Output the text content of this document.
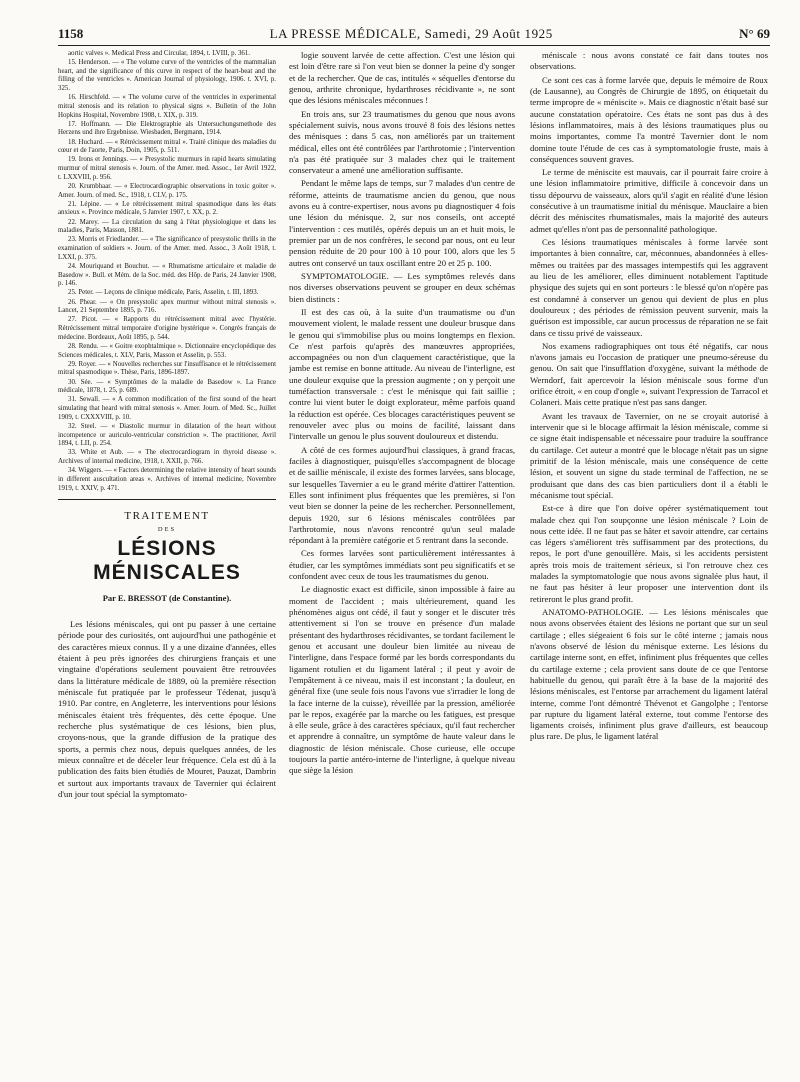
1158	LA PRESSE MÉDICALE, Samedi, 29 Août 1925	N° 69
aortic valves ». Medical Press and Circular, 1894, t. LVIII, p. 361.
15. Henderson. — « The volume curve of the ventricles of the mammalian heart, and the significance of this curve in respect of the heart-beat and the filling of the ventricles ». American Journal of physiology, 1906. t. XVI, p. 325.
16. Hirschfeld. — « The volume curve of the ventricles in experimental mitral stenosis and its relation to physical signs ». Bulletin of the John Hopkins Hospital, Novembre 1908, t. XIX, p. 319.
17. Hoffmann. — Die Elektrographie als Untersuchungsmethode des Herzens und ihre Ergebnisse. Wiesbaden, Bergmann, 1914.
18. Huchard. — « Rétrécissement mitral ». Traité clinique des maladies du cœur et de l'aorte, Paris, Doin, 1905, p. 511.
19. Irons et Jennings. — « Presystolic murmurs in rapid hearts simulating murmur of mitral stenosis ». Journ. of the Amer. med. Assoc., 1er Avril 1922, t. LXXVIII, p. 956.
20. Krumbhaar. — « Electrocardiographic observations in toxic goiter ». Amer. Journ. of med. Sc., 1918, t. CLV, p. 175.
21. Lépine. — « Le rétrécissement mitral spasmodique dans les états anxieux ». Province médicale, 5 Janvier 1907, t. XX, p. 2.
22. Marey. — La circulation du sang à l'état physiologique et dans les maladies, Paris, Masson, 1881.
23. Morris et Friedlander. — « The significance of presystolic thrills in the examination of soldiers ». Journ. of the Amer. med. Assoc., 3 Août 1918, t. LXXI, p. 375.
24. Mouriquand et Bouchut. — « Rhumatisme articulaire et maladie de Basedow ». Bull. et Mém. de la Soc. méd. des Hôp. de Paris, 24 Janvier 1908, p. 146.
25. Peter. — Leçons de clinique médicale, Paris, Asselin, t. III, 1893.
26. Phear. — « On presystolic apex murmur without mitral stenosis ». Lancet, 21 Septembre 1895, p. 716.
27. Picot. — « Rapports du rétrécissement mitral avec l'hystérie. Rétrécissement mitral temporaire d'origine hystérique ». Congrès français de médecine. Bordeaux, Août 1895, p. 544.
28. Rendu. — « Goitre exophtalmique ». Dictionnaire encyclopédique des Sciences médicales, t. XLV, Paris, Masson et Asselin, p. 553.
29. Royer. — « Nouvelles recherches sur l'insuffisance et le rétrécissement mitral spasmodique ». Thèse, Paris, 1896-1897.
30. Sée. — « Symptômes de la maladie de Basedow ». La France médicale, 1878, t. 25, p. 689.
31. Sewall. — « A common modification of the first sound of the heart simulating that heard with mitral stenosis ». Amer. Journ. of Med. Sc., Juillet 1909, t. CXXXVIII, p. 10.
32. Steel. — « Diastolic murmur in dilatation of the heart without incompetence or auriculo-ventricular constriction ». The practitioner, Avril 1894, t. LII, p. 254.
33. White et Aub. — « The electrocardiogram in thyroid disease ». Archives of internal medicine, 1918, t. XXII, p. 766.
34. Wiggers. — « Factors determining the relative intensity of heart sounds in different auscultation areas ». Archives of internal medicine, Novembre 1919, t. XXIV, p. 471.
TRAITEMENT
DES
LÉSIONS MÉNISCALES
Par E. BRESSOT (de Constantine).

Les lésions méniscales, qui ont pu passer à une certaine période pour des curiosités, ont aujourd'hui une pathogénie et des caractères mieux connus. Il y a une dizaine d'années, elles étaient à peu près ignorées des chirurgiens français et une vingtaine d'opérations seulement pouvaient être retrouvées dans la littérature médicale de 1889, où la première résection méniscale fut pratiquée par le professeur Tédenat, jusqu'à 1910. Par contre, en Angleterre, les interventions pour lésions méniscales étaient très fréquentes, dès cette époque. Une recherche plus systématique de ces lésions, bien plus, croyons-nous, que la grande diffusion de la pratique des sports, a permis chez nous, depuis quelques années, de les mieux connaître et de déceler leur fréquence. Cela est dû à la publication des faits bien étudiés de Mouret, Pauzat, Dambrin et surtout aux importants travaux de Tavernier qui éclairent d'un jour tout spécial la symptomato-

logie souvent larvée de cette affection. C'est une lésion qui est loin d'être rare si l'on veut bien se donner la peine d'y songer et de la rechercher. Que de cas, intitulés « séquelles d'entorse du genou, arthrite chronique, hydarthroses récidivante », ne sont que des lésions méniscales méconnues !

En trois ans, sur 23 traumatismes du genou que nous avons spécialement suivis, nous avons trouvé 8 fois des lésions nettes des ménisques : dans 5 cas, non améliorés par un traitement médical, elles ont été contrôlées par l'arthrotomie ; l'intervention n'a pas été pratiquée sur 3 malades chez qui le traitement conservateur a amené une amélioration suffisante.

Pendant le même laps de temps, sur 7 malades d'un centre de réforme, atteints de traumatisme ancien du genou, que nous avons eu à contre-expertiser, nous avons pu diagnostiquer 4 fois une lésion du ménisque. 2, sur nos conseils, ont accepté l'intervention : ces mutilés, opérés depuis un an et huit mois, le premier par un de nos confrères, le second par nous, ont eu leur pension réduite de 20 pour 100 à 10 pour 100, alors que les 5 autres ont conservé un taux oscillant entre 20 et 25 p. 100.

SYMPTOMATOLOGIE. — Les symptômes relevés dans nos diverses observations peuvent se grouper en deux schémas bien distincts :

Il est des cas où, à la suite d'un traumatisme ou d'un mouvement violent, le malade ressent une douleur brusque dans le genou qui s'immobilise plus ou moins longtemps en flexion. Ce n'est parfois qu'après des manœuvres appropriées, accompagnées ou non d'un claquement caractéristique, que la jambe est remise en bonne attitude. Au niveau de l'interligne, est une douleur exquise que la pression augmente ; on y perçoit une tuméfaction transversale : c'est le ménisque qui fait saillie ; contre lui vient buter le doigt explorateur, même parfois quand la réduction est opérée. Ces blocages caractéristiques peuvent se renouveler avec plus ou moins de facilité, laissant dans l'intervalle un genou le plus souvent douloureux et distendu.

A côté de ces formes aujourd'hui classiques, à grand fracas, faciles à diagnostiquer, puisqu'elles s'accompagnent de blocage et de saillie méniscale, il existe des formes larvées, sans blocage, sur lesquelles Tavernier a eu le grand mérite d'attirer l'attention. Elles sont infiniment plus fréquentes que les premières, si l'on veut bien se donner la peine de les rechercher. Personnellement, depuis 1920, sur 6 lésions méniscales contrôlées par l'arthrotomie, nous n'avons rencontré qu'un seul malade répondant à la première catégorie et 5 rentrant dans la seconde.

Ces formes larvées sont particulièrement intéressantes à étudier, car les symptômes immédiats sont peu significatifs et se confondent avec ceux de tous les traumatismes du genou.

Le diagnostic exact est difficile, sinon impossible à faire au moment de l'accident ; mais ultérieurement, quand les phénomènes aigus ont cédé, il faut y songer et le discuter très attentivement si l'on se trouve en présence d'un malade présentant des hydarthroses récidivantes, se tordant facilement le genou et accusant une douleur bien limitée au niveau de l'interligne, dans l'espace formé par les bords correspondants du ligament rotulien et du ligament latéral ; il peut y avoir de l'empâtement à ce niveau, mais il est inconstant ; la douleur, en général fixe (une seule fois nous l'avons vue s'irradier le long de la face interne de la cuisse), réveillée par la pression, améliorée par le repos, exagérée par la marche ou les fatigues, est presque à elle seule, grâce à des caractères spéciaux, qu'il faut rechercher et apprendre à connaître, un symptôme de haute valeur dans le diagnostic de lésion méniscale. Chose curieuse, elle occupe toujours la partie antéro-interne de l'interligne, à quelque niveau que siège la lésion

méniscale : nous avons constaté ce fait dans toutes nos observations.

Ce sont ces cas à forme larvée que, depuis le mémoire de Roux (de Lausanne), au Congrès de Chirurgie de 1895, on étiquetait du terme impropre de « méniscite ». Mais ce diagnostic n'était basé sur aucune constatation opératoire. Ces états ne sont pas dus à des lésions inflammatoires, mais à des lésions traumatiques plus ou moins importantes, comme l'a montré Tavernier dont le nom domine toute l'étude de ces cas à symptomatologie fruste, mais à conséquences souvent graves.

Le terme de méniscite est mauvais, car il pourrait faire croire à une lésion inflammatoire primitive, difficile à concevoir dans un tissu dépourvu de vaisseaux, alors qu'il s'agit en réalité d'une lésion consécutive à un traumatisme initial du ménisque. Mauclaire a bien décrit des méniscites rhumatismales, mais la majorité des auteurs admet qu'elles n'ont pas de personnalité pathologique.

Ces lésions traumatiques méniscales à forme larvée sont importantes à bien connaître, car, méconnues, abandonnées à elles-mêmes ou traitées par des massages intempestifs qui les aggravent au lieu de les améliorer, elles diminuent notablement l'aptitude physique des sujets qui en sont porteurs : le blessé qu'on n'opère pas est condamné à conserver un genou qui devient de plus en plus douloureux ; des périodes de rémission peuvent survenir, mais la guérison est impossible, car aucun processus de réparation ne se fait dans ce tissu privé de vaisseaux.

Nos examens radiographiques ont tous été négatifs, car nous n'avons jamais eu l'occasion de pratiquer une pneumo-séreuse du genou. On sait que l'insufflation d'oxygène, suivant la méthode de Werndorf, fait apercevoir la lésion méniscale sous forme d'un orifice étroit, « en coup d'ongle », suivant l'expression de Tarracol et Colaneri. Mais cette pratique n'est pas sans danger.

Avant les travaux de Tavernier, on ne se croyait autorisé à intervenir que si le blocage affirmait la lésion méniscale, comme si ce signe était indispensable et nécessaire pour traduire la souffrance du cartilage. Cet auteur a montré que le blocage n'était pas un signe primitif de la lésion méniscale, mais une conséquence de cette lésion, et souvent un signe du stade terminal de l'affection, ne se produisant que dans des cas bien particuliers dont il a établi le mécanisme tout spécial.

Est-ce à dire que l'on doive opérer systématiquement tout malade chez qui l'on soupçonne une lésion méniscale ? Loin de nous cette idée. Il ne faut pas se hâter et savoir attendre, car certains cas légers s'améliorent très suffisamment par des protections, du repos, le port d'une genouillère. Mais, si les accidents persistent après trois mois de traitement sérieux, si l'on retrouve chez ces malades la symptomatologie que nous avons signalée plus haut, il ne faut pas hésiter à leur proposer une intervention dont ils retireront le plus grand profit.

ANATOMO-PATHOLOGIE. — Les lésions méniscales que nous avons observées étaient des lésions ne portant que sur un seul cartilage ; elles siégeaient 6 fois sur le côté interne ; jamais nous n'avons observé de lésion du ménisque externe. Les lésions du cartilage interne sont, en effet, infiniment plus fréquentes que celles du cartilage externe ; cela provient sans doute de ce que l'entorse habituelle du genou, qui paraît être à la base de la majorité des lésions méniscales, est l'entorse par arrachement du ligament latéral interne, comme l'ont démontré Thévenot et Gangolphe ; l'entorse par rupture du ligament latéral externe, tout comme l'entorse des ligaments croisés, infiniment plus grave d'ailleurs, est beaucoup plus rare. De plus, le ligament latéral
